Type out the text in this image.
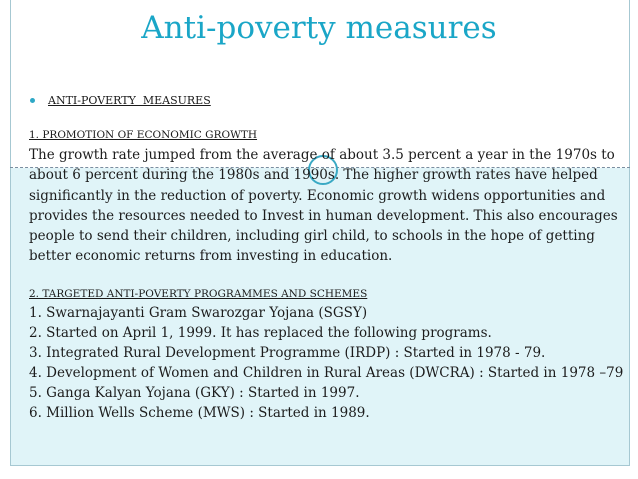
Anti-poverty measures
ANTI-POVERTY  MEASURES
1. PROMOTION OF ECONOMIC GROWTH
The growth rate jumped from the average of about 3.5 percent a year in the 1970s to
about 6 percent during the 1980s and 1990s. The higher growth rates have helped
significantly in the reduction of poverty. Economic growth widens opportunities and
provides the resources needed to Invest in human development. This also encourages
people to send their children, including girl child, to schools in the hope of getting
better economic returns from investing in education.
2. TARGETED ANTI-POVERTY PROGRAMMES AND SCHEMES
1. Swarnajayanti Gram Swarozgar Yojana (SGSY)
2. Started on April 1, 1999. It has replaced the following programs.
3. Integrated Rural Development Programme (IRDP) : Started in 1978 - 79.
4. Development of Women and Children in Rural Areas (DWCRA) : Started in 1978 –79
5. Ganga Kalyan Yojana (GKY) : Started in 1997.
6. Million Wells Scheme (MWS) : Started in 1989.
